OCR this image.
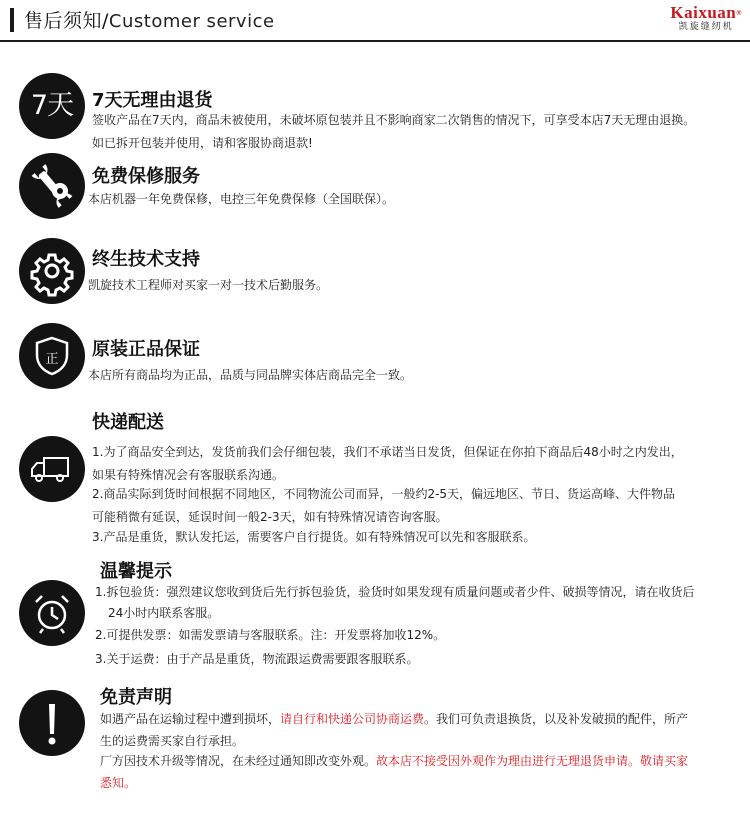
售后须知/Customer service	Kaixuan®
凯旋缝纫机
7天	7天无理由退货
签收产品在7天内，商品未被使用，未破坏原包装并且不影响商家二次销售的情况下，可享受本店7天无理由退换。
如已拆开包装并使用，请和客服协商退款!
免费保修服务
本店机器一年免费保修，电控三年免费保修（全国联保）。
终生技术支持
凯旋技术工程师对买家一对一技术后勤服务。
正 原装正品保证
本店所有商品均为正品，品质与同品牌实体店商品完全一致。
快递配送
1.为了商品安全到达，发货前我们会仔细包装，我们不承诺当日发货，但保证在你拍下商品后48小时之内发出，
如果有特殊情况会有客服联系沟通。
2.商品实际到货时间根据不同地区，不同物流公司而异，一般约2-5天，偏远地区、节日、货运高峰、大件物品
可能稍微有延误，延误时间一般2-3天，如有特殊情况请咨询客服。
3.产品是重货，默认发托运，需要客户自行提货。如有特殊情况可以先和客服联系。
温馨提示
1.拆包验货：强烈建议您收到货后先行拆包验货，验货时如果发现有质量问题或者少件、破损等情况，请在收货后
24小时内联系客服。
2.可提供发票：如需发票请与客服联系。注：开发票将加收12%。
3.关于运费：由于产品是重货，物流跟运费需要跟客服联系。
免责声明
如遇产品在运输过程中遭到损坏，请自行和快递公司协商运费。我们可负责退换货，以及补发破损的配件，所产
生的运费需买家自行承担。
厂方因技术升级等情况，在未经过通知即改变外观。故本店不接受因外观作为理由进行无理退货申请。敬请买家
悉知。
